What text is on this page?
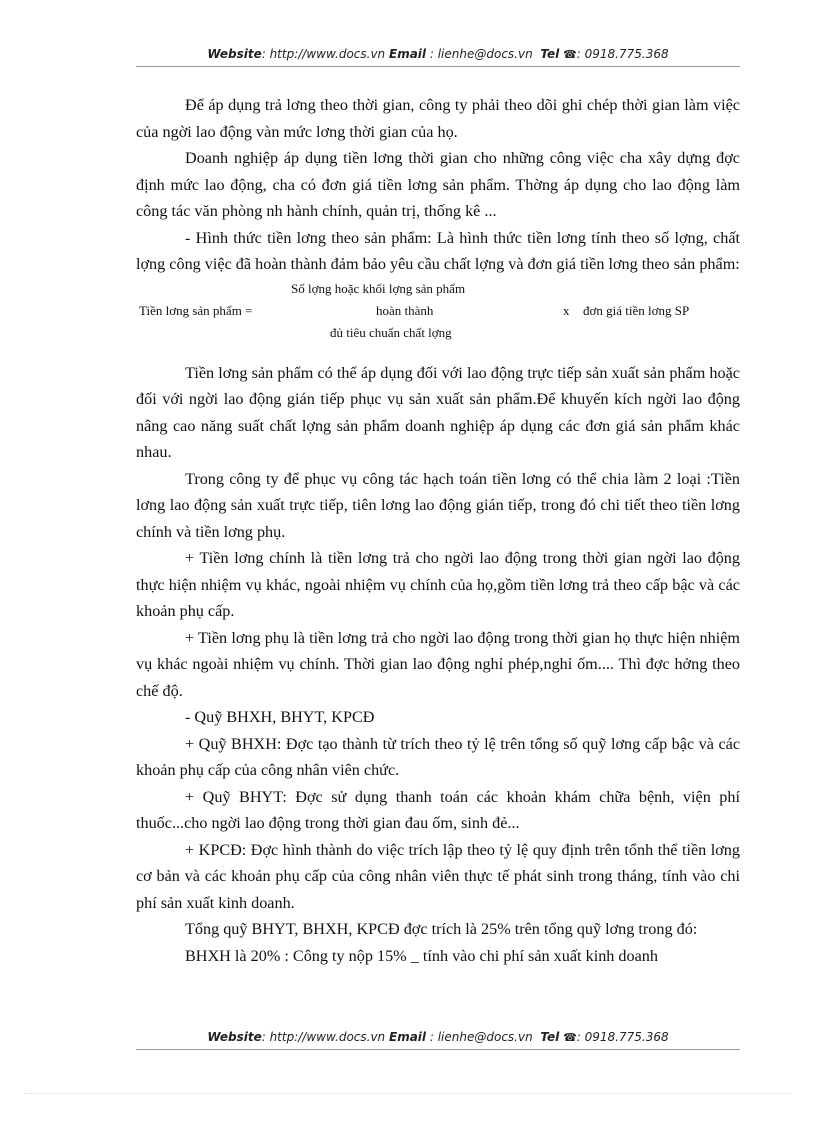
Website: http://www.docs.vn Email : lienhe@docs.vn Tel ☎: 0918.775.368

Để áp dụng trả lơng theo thời gian, công ty phải theo dõi ghi chép thời gian làm việc của ngời lao động vàn mức lơng thời gian của họ.

Doanh nghiệp áp dụng tiền lơng thời gian cho những công việc cha xây dựng đợc định mức lao động, cha có đơn giá tiền lơng sản phẩm. Thờng áp dụng cho lao động làm công tác văn phòng nh hành chính, quản trị, thống kê ...

- Hình thức tiền lơng theo sản phẩm: Là hình thức tiền lơng tính theo số lợng, chất lợng công việc đã hoàn thành đảm bảo yêu cầu chất lợng và đơn giá tiền lơng theo sản phẩm:

Số lợng hoặc khối lợng sản phẩm
Tiền lơng sản phẩm =	hoàn thành	x đơn giá tiền lơng SP
đủ tiêu chuẩn chất lợng

Tiền lơng sản phẩm có thể áp dụng đối với lao động trực tiếp sản xuất sản phẩm hoặc đối với ngời lao động gián tiếp phục vụ sản xuất sản phẩm.Để khuyến kích ngời lao động nâng cao năng suất chất lợng sản phẩm doanh nghiệp áp dụng các đơn giá sản phẩm khác nhau.

Trong công ty để phục vụ công tác hạch toán tiền lơng có thể chia làm 2 loại :Tiền lơng lao động sản xuất trực tiếp, tiên lơng lao động gián tiếp, trong đó chi tiết theo tiền lơng chính và tiền lơng phụ.

+ Tiền lơng chính là tiền lơng trả cho ngời lao động trong thời gian ngời lao động thực hiện nhiệm vụ khác, ngoài nhiệm vụ chính của họ,gồm tiền lơng trả theo cấp bậc và các khoản phụ cấp.

+ Tiền lơng phụ là tiền lơng trả cho ngời lao động trong thời gian họ thực hiện nhiệm vụ khác ngoài nhiệm vụ chính. Thời gian lao động nghỉ phép,nghỉ ốm.... Thì đợc hởng theo chế độ.

- Quỹ BHXH, BHYT, KPCĐ

+ Quỹ BHXH: Đợc tạo thành từ trích theo tỷ lệ trên tổng số quỹ lơng cấp bậc và các khoản phụ cấp của công nhân viên chức.

+ Quỹ BHYT: Đợc sử dụng thanh toán các khoản khám chữa bệnh, viện phí thuốc...cho ngời lao động trong thời gian đau ốm, sinh đẻ...

+ KPCĐ: Đợc hình thành do việc trích lập theo tỷ lệ quy định trên tổnh thể tiền lơng cơ bản và các khoản phụ cấp của công nhân viên thực tế phát sinh trong tháng, tính vào chi phí sản xuất kinh doanh.

Tổng quỹ BHYT, BHXH, KPCĐ đợc trích là 25% trên tổng quỹ lơng trong đó:

BHXH là 20% : Công ty nộp 15% _ tính vào chi phí sản xuất kinh doanh

Website: http://www.docs.vn Email : lienhe@docs.vn Tel ☎: 0918.775.368
